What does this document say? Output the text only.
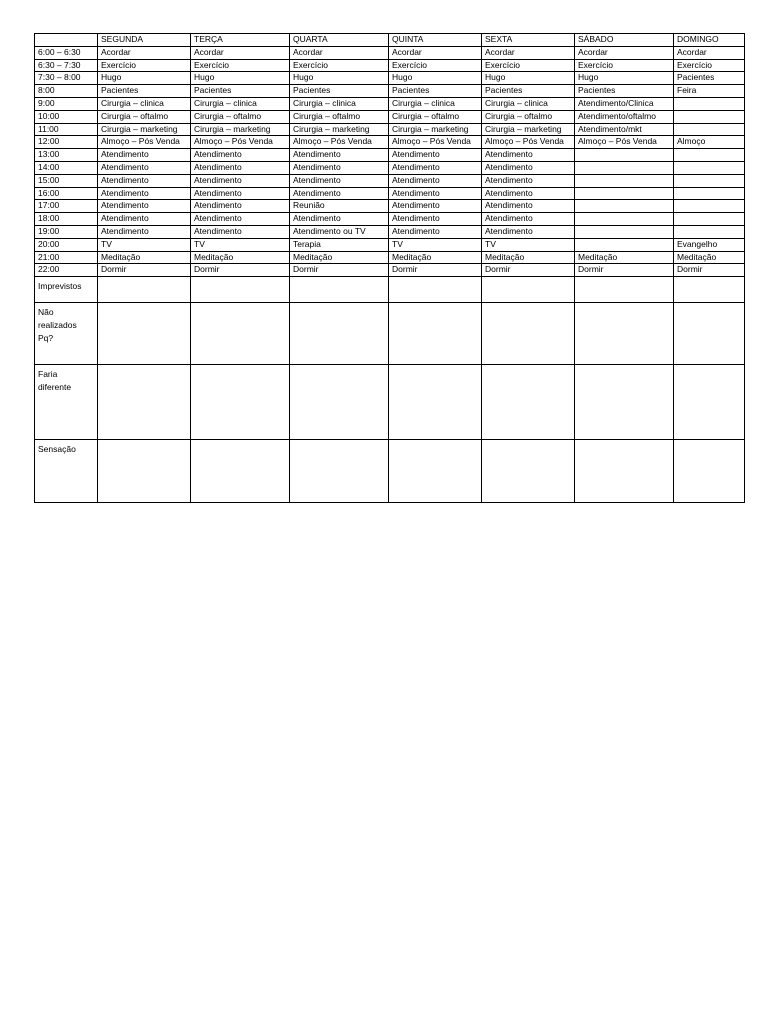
	SEGUNDA	TERÇA	QUARTA	QUINTA	SEXTA	SÁBADO	DOMINGO
6:00 – 6:30	Acordar	Acordar	Acordar	Acordar	Acordar	Acordar	Acordar
6:30 – 7:30	Exercício	Exercício	Exercício	Exercício	Exercício	Exercício	Exercício
7:30 – 8:00	Hugo	Hugo	Hugo	Hugo	Hugo	Hugo	Pacientes
8:00	Pacientes	Pacientes	Pacientes	Pacientes	Pacientes	Pacientes	Feira
9:00	Cirurgia – clinica	Cirurgia – clinica	Cirurgia – clinica	Cirurgia – clinica	Cirurgia – clinica	Atendimento/Clinica	
10:00	Cirurgia – oftalmo	Cirurgia – oftalmo	Cirurgia – oftalmo	Cirurgia – oftalmo	Cirurgia – oftalmo	Atendimento/oftalmo	
11:00	Cirurgia – marketing	Cirurgia – marketing	Cirurgia – marketing	Cirurgia – marketing	Cirurgia – marketing	Atendimento/mkt	
12:00	Almoço – Pós Venda	Almoço – Pós Venda	Almoço – Pós Venda	Almoço – Pós Venda	Almoço – Pós Venda	Almoço – Pós Venda	Almoço
13:00	Atendimento	Atendimento	Atendimento	Atendimento	Atendimento		
14:00	Atendimento	Atendimento	Atendimento	Atendimento	Atendimento		
15:00	Atendimento	Atendimento	Atendimento	Atendimento	Atendimento		
16:00	Atendimento	Atendimento	Atendimento	Atendimento	Atendimento		
17:00	Atendimento	Atendimento	Reunião	Atendimento	Atendimento		
18:00	Atendimento	Atendimento	Atendimento	Atendimento	Atendimento		
19:00	Atendimento	Atendimento	Atendimento ou TV	Atendimento	Atendimento		
20:00	TV	TV	Terapia	TV	TV		Evangelho
21:00	Meditação	Meditação	Meditação	Meditação	Meditação	Meditação	Meditação
22:00	Dormir	Dormir	Dormir	Dormir	Dormir	Dormir	Dormir

Imprevistos							

Não
realizados
Pq?							

Faria
diferente							

Sensação							
